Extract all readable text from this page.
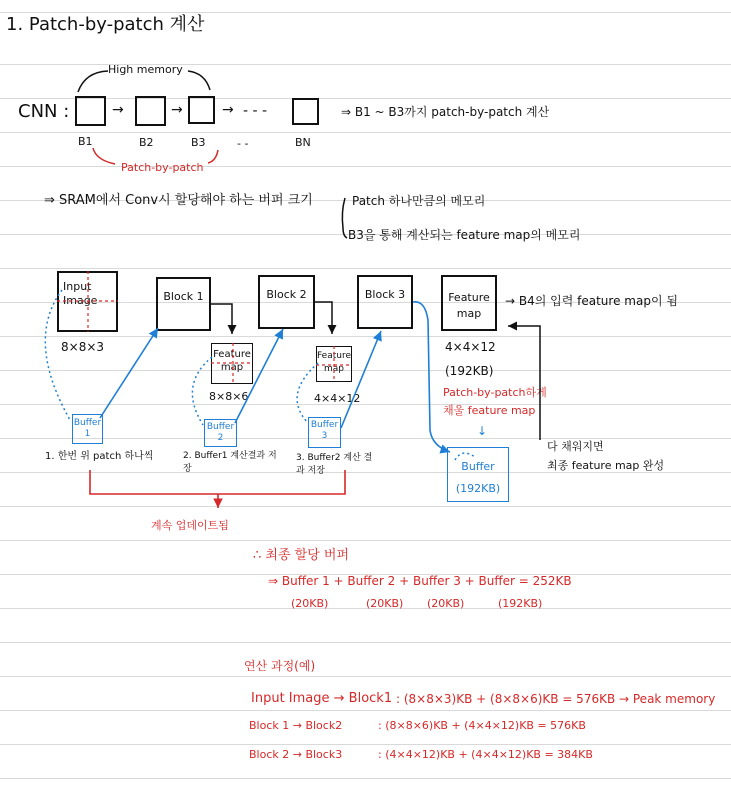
1. Patch-by-patch 계산
High memory
CNN :	→	→	→ - - -	⇒ B1 ~ B3까지 patch-by-patch 계산
B1	B2	B3	- -	BN
Patch-by-patch
⇒ SRAM에서 Conv시 할당해야 하는 버퍼 크기	Patch 하나만큼의 메모리
B3을 통해 계산되는 feature map의 메모리
Input Image
8×8×3
Block 1	Block 2	Block 3	Feature map
→ B4의 입력 feature map이 됨
4×4×12
(192KB)
Patch-by-patch하게
채울 feature map
↓
Feature map
8×8×6
Feature map
4×4×12
Buffer 1
Buffer 2
Buffer 3
Buffer
(192KB)
다 채워지면
최종 feature map 완성
1. 한번 위 patch 하나씩	2. Buffer1 계산결과 저장
3. Buffer2 계산 결과 저장
계속 업데이트됨
∴ 최종 할당 버퍼
⇒ Buffer 1 + Buffer 2 + Buffer 3 + Buffer = 252KB
(20KB)	(20KB) (20KB)	(192KB)
연산 과정(예)
Input Image → Block1 : (8×8×3)KB + (8×8×6)KB = 576KB → Peak memory
Block 1 → Block2	: (8×8×6)KB + (4×4×12)KB = 576KB
Block 2 → Block3	: (4×4×12)KB + (4×4×12)KB = 384KB
